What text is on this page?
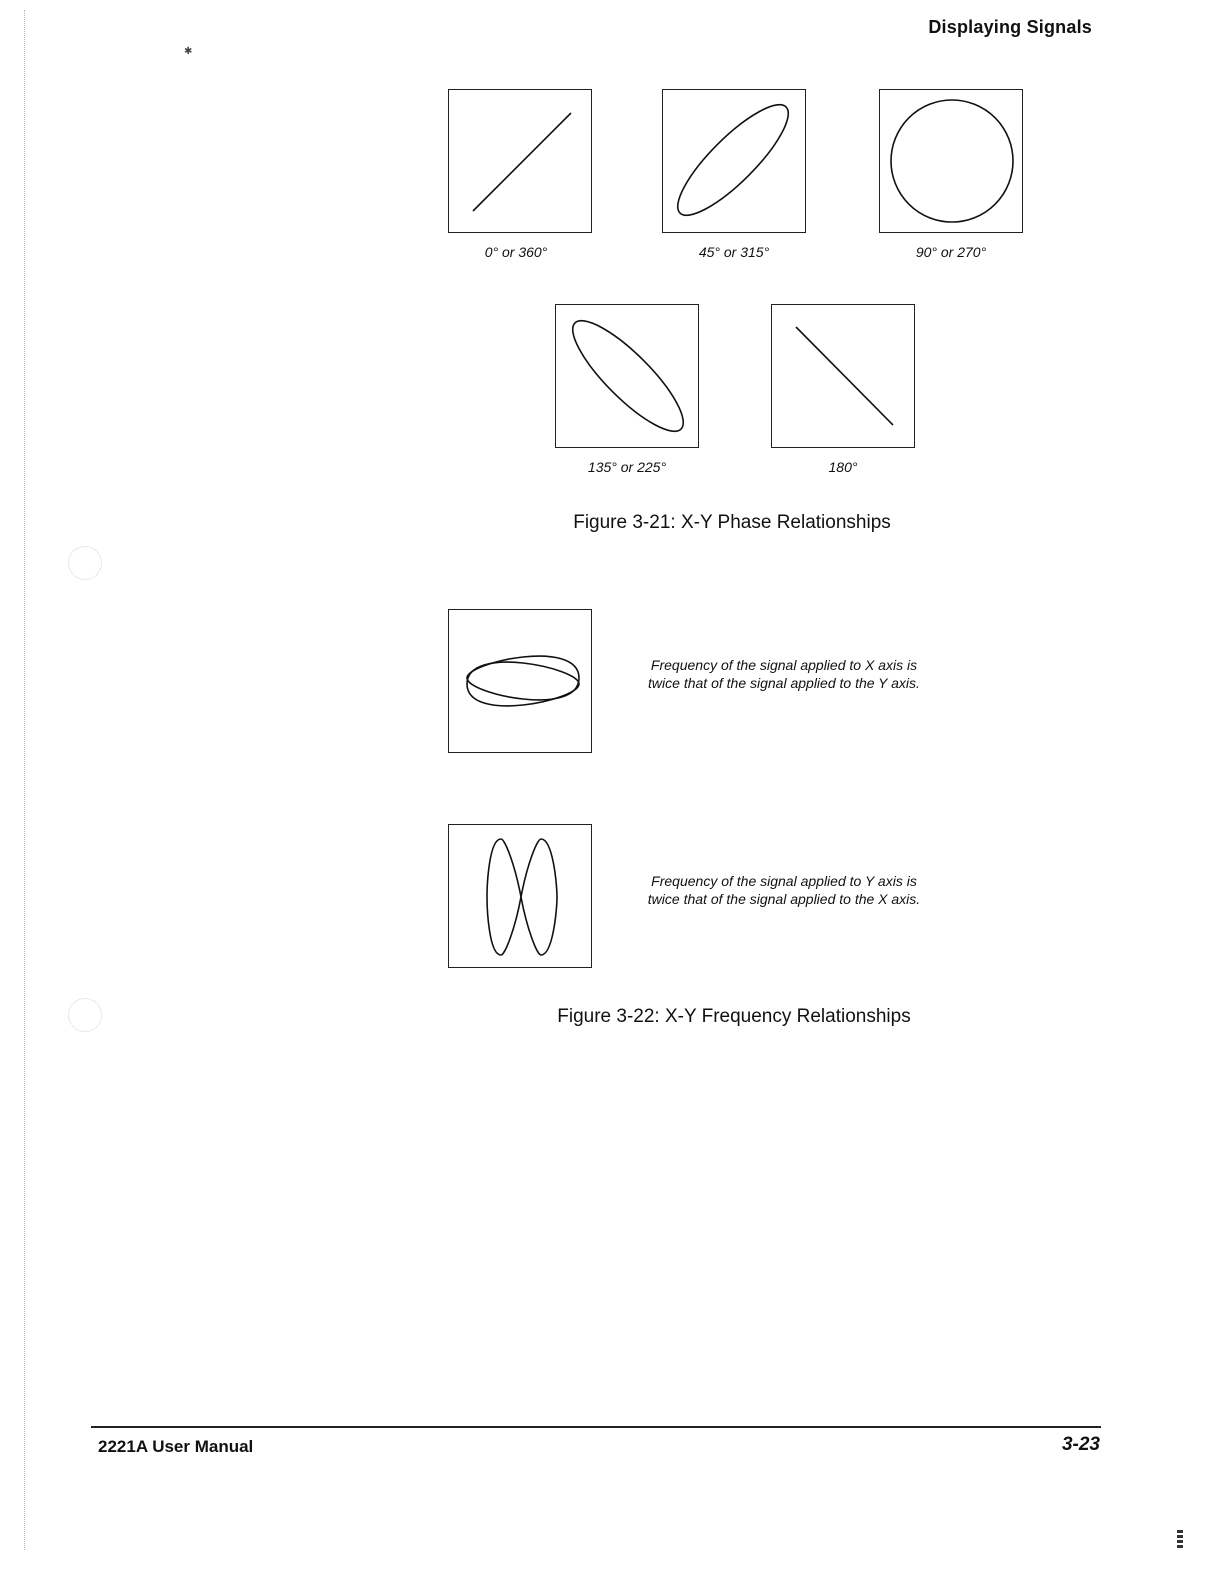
✱
Displaying Signals
0° or 360°	45° or 315°	90° or 270°
135° or 225°	180°
Figure 3-21: X-Y Phase Relationships
Frequency of the signal applied to X axis is
twice that of the signal applied to the Y axis.
Frequency of the signal applied to Y axis is
twice that of the signal applied to the X axis.
Figure 3-22: X-Y Frequency Relationships
2221A User Manual	3-23
